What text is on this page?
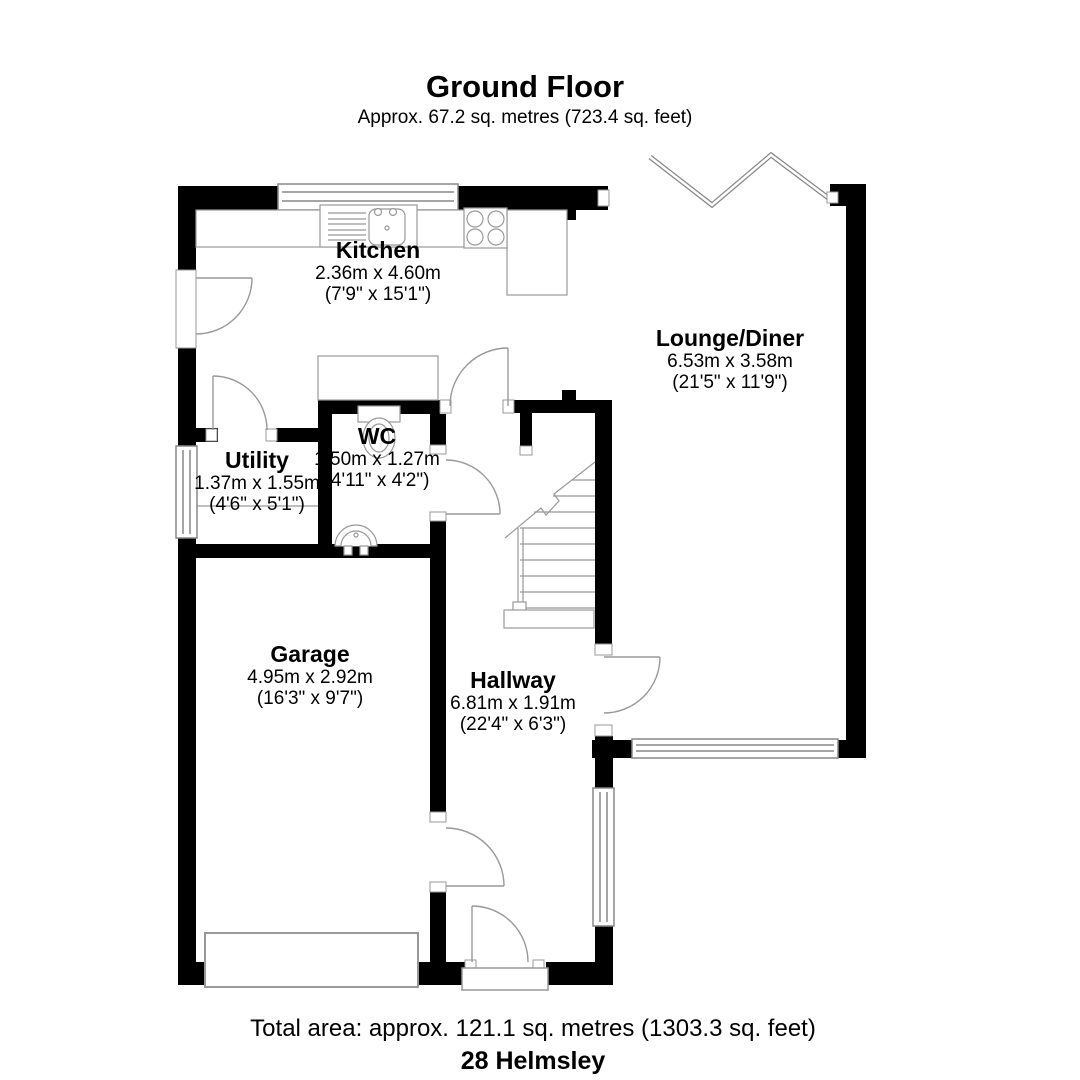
Ground Floor
Approx. 67.2 sq. metres (723.4 sq. feet)
Kitchen
2.36m x 4.60m
(7'9" x 15'1")
Lounge/Diner
6.53m x 3.58m
(21'5" x 11'9")
Utility
1.37m x 1.55m
(4'6" x 5'1")
WC
1.50m x 1.27m
(4'11" x 4'2")
Garage
4.95m x 2.92m
(16'3" x 9'7")
Hallway
6.81m x 1.91m
(22'4" x 6'3")
Total area: approx. 121.1 sq. metres (1303.3 sq. feet)
28 Helmsley
